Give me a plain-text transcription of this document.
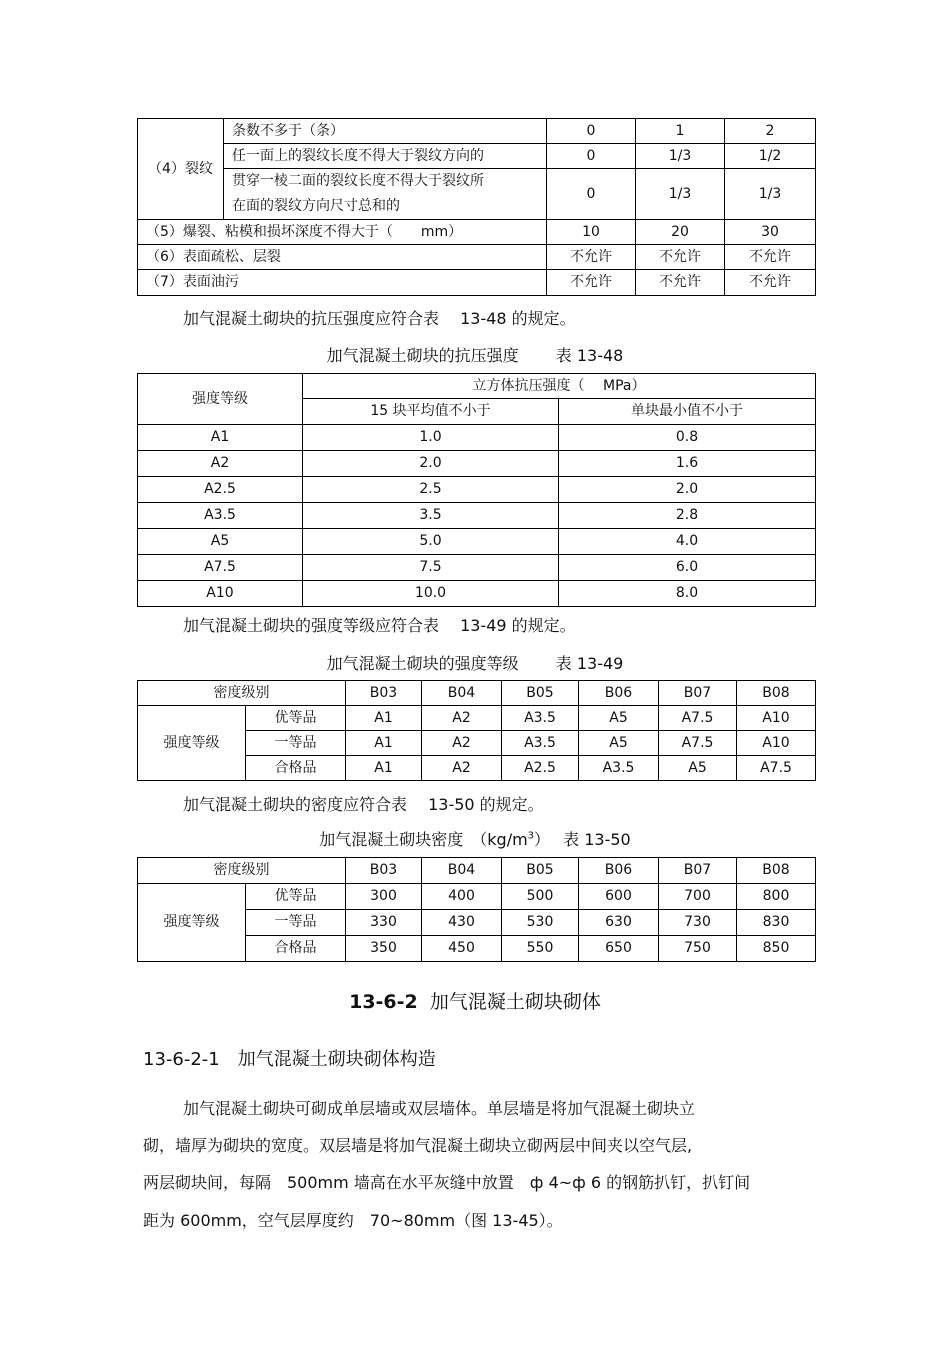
（4）裂纹	条数不多于（条）	0	1	2
	任一面上的裂纹长度不得大于裂纹方向的	0	1/3	1/2

	贯穿一棱二面的裂纹长度不得大于裂纹所
在面的裂纹方向尺寸总和的	0	1/3	1/3
（5）爆裂、粘模和损坏深度不得大于（　　mm）		10	20	30
（6）表面疏松、层裂		不允许	不允许	不允许
（7）表面油污		不允许	不允许	不允许

加气混凝土砌块的抗压强度应符合表　 13-48 的规定。

加气混凝土砌块的抗压强度　　 表 13-48
强度等级	立方体抗压强度（　 MPa）	
	15 块平均值不小于	单块最小值不小于
A1	1.0	0.8
A2	2.0	1.6
A2.5	2.5	2.0
A3.5	3.5	2.8
A5	5.0	4.0
A7.5	7.5	6.0
A10	10.0	8.0

加气混凝土砌块的强度等级应符合表　 13-49 的规定。

加气混凝土砌块的强度等级　　 表 13-49
密度级别		B03	B04	B05	B06	B07	B08
强度等级	优等品	A1	A2	A3.5	A5	A7.5	A10
	一等品	A1	A2	A3.5	A5	A7.5	A10
	合格品	A1	A2	A2.5	A3.5	A5	A7.5

加气混凝土砌块的密度应符合表　 13-50 的规定。

加气混凝土砌块密度　$(kg/m^3)$　 表 13-50
密度级别		B03	B04	B05	B06	B07	B08
强度等级	优等品	300	400	500	600	700	800
	一等品	330	430	530	630	730	830
	合格品	350	450	550	650	750	850
13-6-2 加气混凝土砌块砌体
13-6-2-1　加气混凝土砌块砌体构造
加气混凝土砌块可砌成单层墙或双层墙体。单层墙是将加气混凝土砌块立
砌，墙厚为砌块的宽度。双层墙是将加气混凝土砌块立砌两层中间夹以空气层,
两层砌块间，每隔　500mm 墙高在水平灰缝中放置　ф 4~ф 6 的钢筋扒钉，扒钉间
距为 600mm，空气层厚度约　70~80mm（图 13-45）。
